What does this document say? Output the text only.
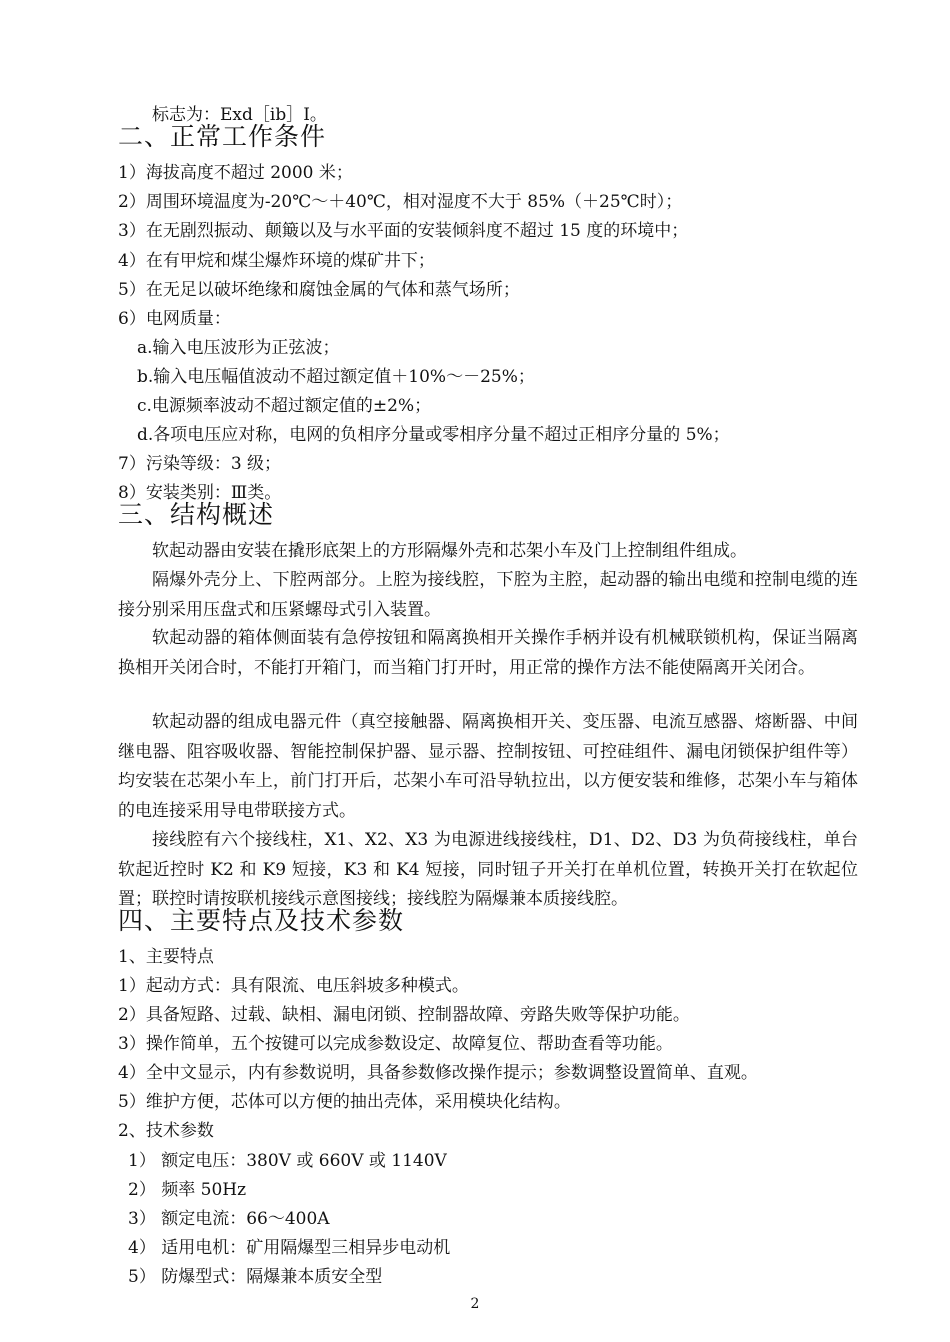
标志为：Exd［ib］I。
二、正常工作条件
1）海拔高度不超过 2000 米；
2）周围环境温度为-20℃～＋40℃，相对湿度不大于 85%（＋25℃时）；
3）在无剧烈振动、颠簸以及与水平面的安装倾斜度不超过 15 度的环境中；
4）在有甲烷和煤尘爆炸环境的煤矿井下；
5）在无足以破坏绝缘和腐蚀金属的气体和蒸气场所；
6）电网质量：
a.输入电压波形为正弦波；
b.输入电压幅值波动不超过额定值＋10%～－25%；
c.电源频率波动不超过额定值的±2%；
d.各项电压应对称，电网的负相序分量或零相序分量不超过正相序分量的 5%；
7）污染等级：3 级；
8）安装类别：Ⅲ类。
三、结构概述
软起动器由安装在撬形底架上的方形隔爆外壳和芯架小车及门上控制组件组成。
隔爆外壳分上、下腔两部分。上腔为接线腔，下腔为主腔，起动器的输出电缆和控制电缆的连接分别采用压盘式和压紧螺母式引入装置。
软起动器的箱体侧面装有急停按钮和隔离换相开关操作手柄并设有机械联锁机构，保证当隔离换相开关闭合时，不能打开箱门，而当箱门打开时，用正常的操作方法不能使隔离开关闭合。
软起动器的组成电器元件（真空接触器、隔离换相开关、变压器、电流互感器、熔断器、中间继电器、阻容吸收器、智能控制保护器、显示器、控制按钮、可控硅组件、漏电闭锁保护组件等）均安装在芯架小车上，前门打开后，芯架小车可沿导轨拉出，以方便安装和维修，芯架小车与箱体的电连接采用导电带联接方式。
接线腔有六个接线柱，X1、X2、X3 为电源进线接线柱，D1、D2、D3 为负荷接线柱，单台软起近控时 K2 和 K9 短接，K3 和 K4 短接，同时钮子开关打在单机位置，转换开关打在软起位置；联控时请按联机接线示意图接线；接线腔为隔爆兼本质接线腔。
四、主要特点及技术参数
1、主要特点
1）起动方式：具有限流、电压斜坡多种模式。
2）具备短路、过载、缺相、漏电闭锁、控制器故障、旁路失败等保护功能。
3）操作简单，五个按键可以完成参数设定、故障复位、帮助查看等功能。
4）全中文显示，内有参数说明，具备参数修改操作提示；参数调整设置简单、直观。
5）维护方便，芯体可以方便的抽出壳体，采用模块化结构。
2、技术参数
1） 额定电压：380V 或 660V 或 1140V
2） 频率 50Hz
3） 额定电流：66～400A
4） 适用电机：矿用隔爆型三相异步电动机
5） 防爆型式：隔爆兼本质安全型
2
